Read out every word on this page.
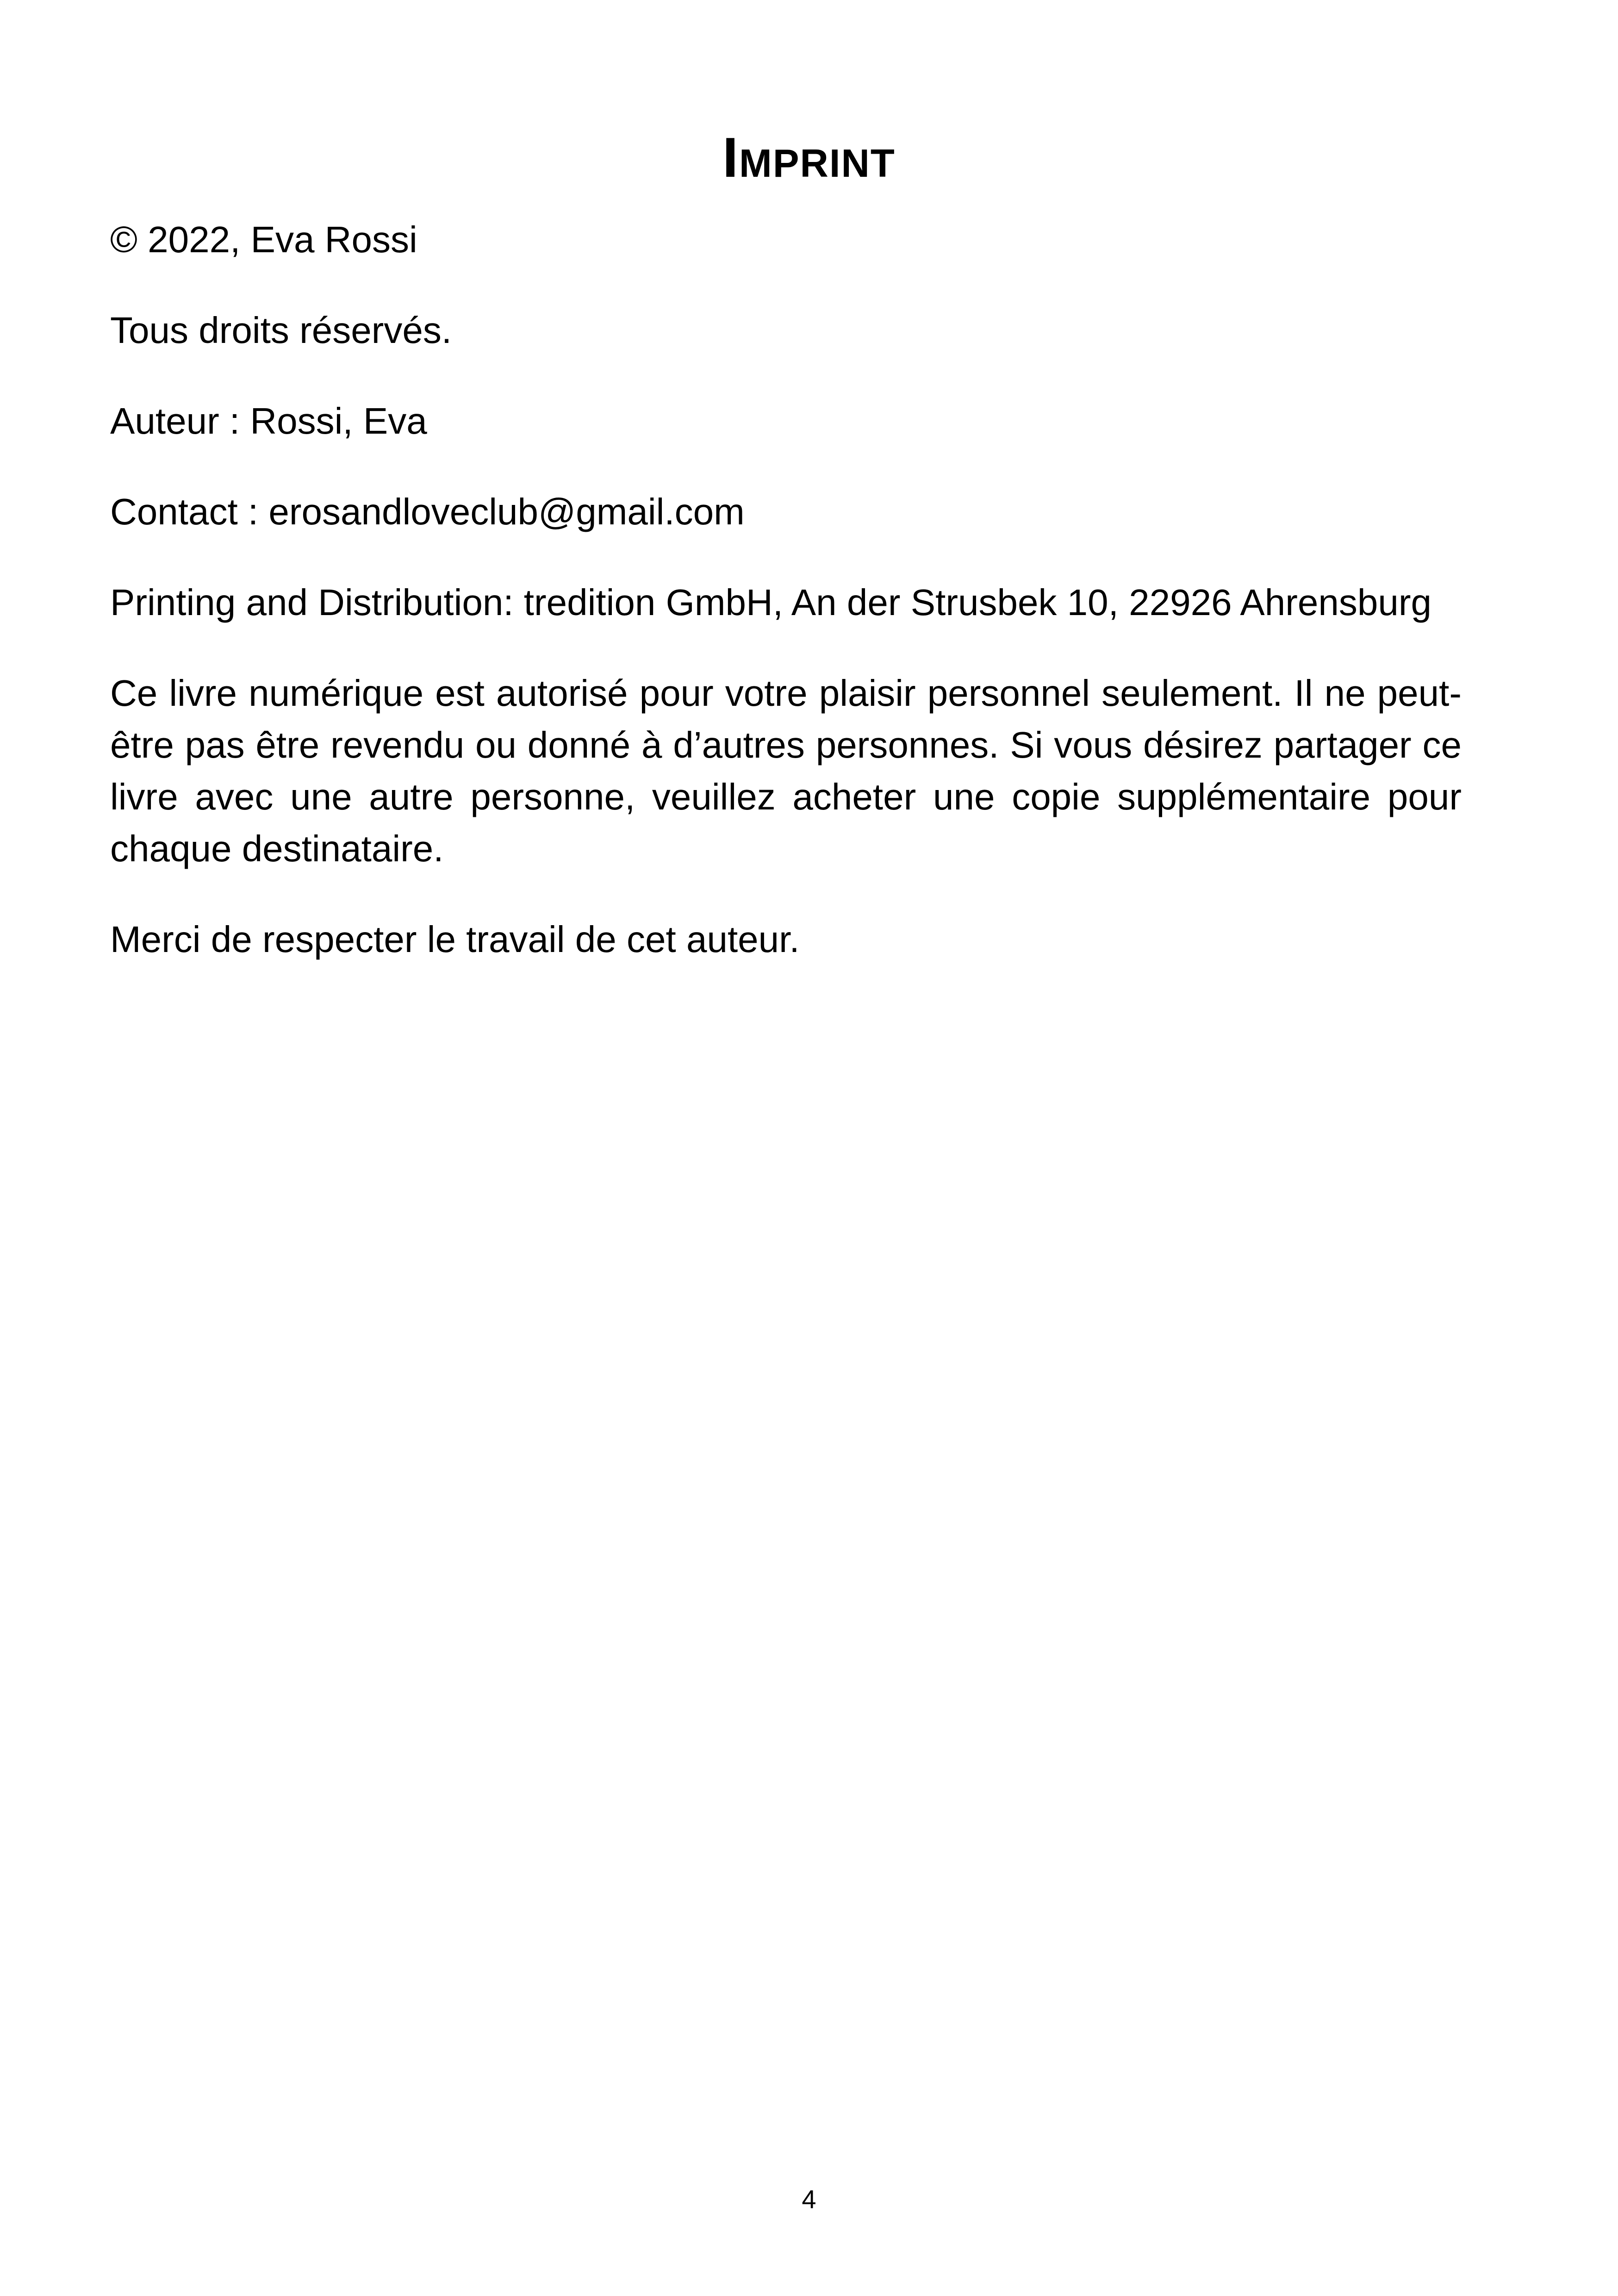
Imprint

© 2022, Eva Rossi

Tous droits réservés.

Auteur : Rossi, Eva

Contact : erosandloveclub@gmail.com

Printing and Distribution: tredition GmbH, An der Strusbek 10, 22926 Ahrensburg

Ce livre numérique est autorisé pour votre plaisir personnel seulement. Il ne peut-être pas être revendu ou donné à d’autres personnes. Si vous désirez partager ce livre avec une autre personne, veuillez acheter une copie supplémentaire pour chaque destinataire.

Merci de respecter le travail de cet auteur.

4
